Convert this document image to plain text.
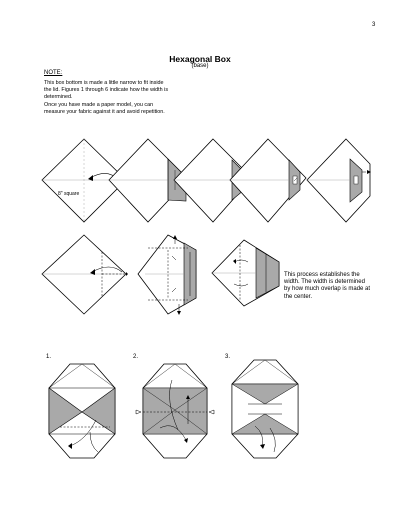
3
Hexagonal Box
(base)
NOTE:
This box bottom is made a little narrow to fit inside the lid. Figures 1 through 6 indicate how the width is determined.
Once you have made a paper model, you can measure your fabric against it and avoid repetition.
8" square
This process establishes the width. The width is determined by how much overlap is made at the center.
1.	2.	3.
